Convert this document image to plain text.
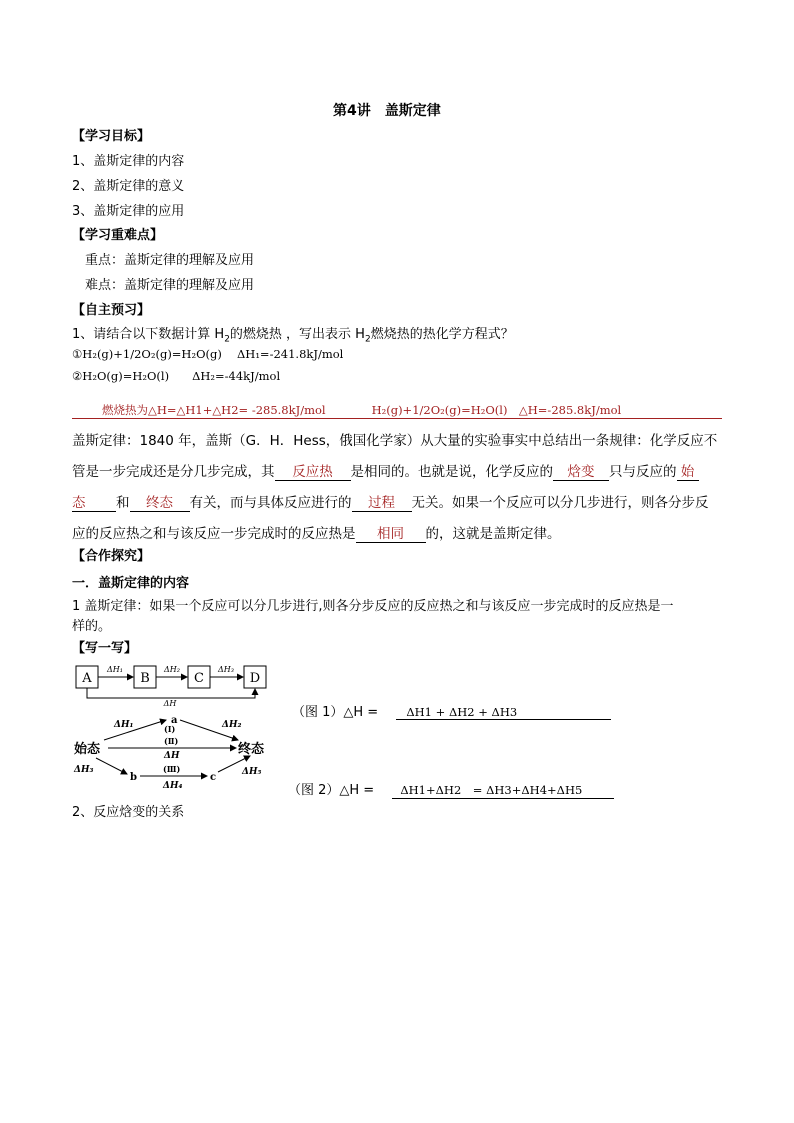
第4讲　盖斯定律
【学习目标】
1、盖斯定律的内容
2、盖斯定律的意义
3、盖斯定律的应用
【学习重难点】
重点：盖斯定律的理解及应用
难点：盖斯定律的理解及应用
【自主预习】
1、请结合以下数据计算 $H_2$的燃烧热 ，写出表示 $H_2$燃烧热的热化学方程式？
①H₂(g)+1/2O₂(g)=H₂O(g)　 ΔH₁=-241.8kJ/mol
②H₂O(g)=H₂O(l)　　ΔH₂=-44kJ/mol
燃烧热为△H=△H1+△H2= -285.8kJ/mol　　　　H₂(g)+1/2O₂(g)=H₂O(l)　△H=-285.8kJ/mol
盖斯定律：1840 年，盖斯（G．H．Hess，俄国化学家）从大量的实验事实中总结出一条规律：化学反应不
管是一步完成还是分几步完成，其 反应热 是相同的。也就是说，化学反应的 焓变 只与反应的 始
态 和 终态 有关，而与具体反应进行的 过程 无关。如果一个反应可以分几步进行，则各分步反
应的反应热之和与该反应一步完成时的反应热是 相同 的，这就是盖斯定律。
【合作探究】
一．盖斯定律的内容
1 盖斯定律：如果一个反应可以分几步进行,则各分步反应的反应热之和与该反应一步完成时的反应热是一
样的。
【写一写】
A	B	C	D
ΔH₁	ΔH₂	ΔH₃
ΔH
始态	终态
a
b	c
ΔH₁	ΔH₂
(Ⅰ)
(Ⅱ)
ΔH
ΔH₃	(Ⅲ)
ΔH₄
ΔH₅
（图 1）△H = ΔH1 + ΔH2 + ΔH3
（图 2）△H = ΔH1+ΔH2　= ΔH3+ΔH4+ΔH5
2、反应焓变的关系
